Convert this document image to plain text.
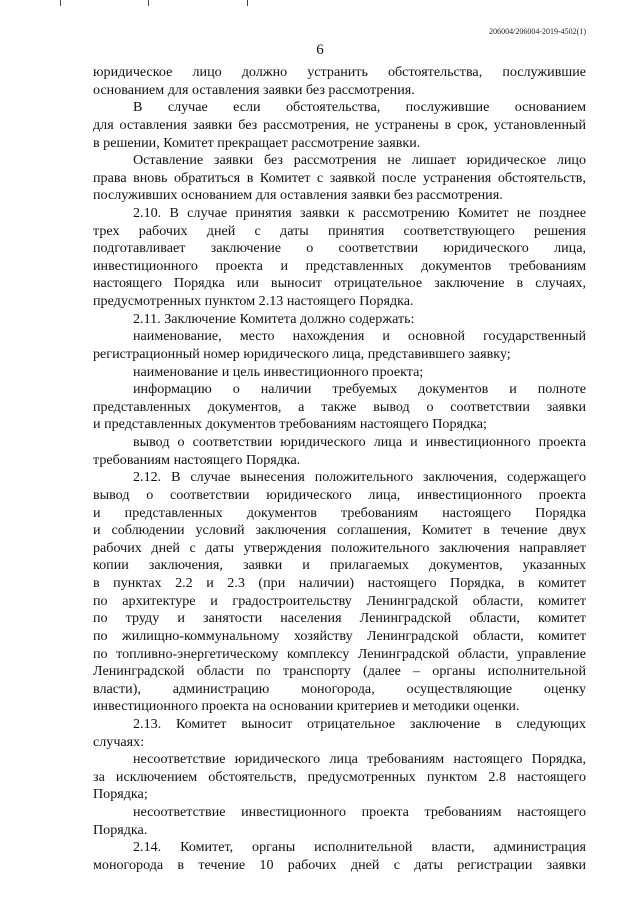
206004/206004-2019-4502(1)
6
юридическое лицо должно устранить обстоятельства, послужившие
основанием для оставления заявки без рассмотрения.
В случае если обстоятельства, послужившие основанием
для оставления заявки без рассмотрения, не устранены в срок, установленный
в решении, Комитет прекращает рассмотрение заявки.
Оставление заявки без рассмотрения не лишает юридическое лицо
права вновь обратиться в Комитет с заявкой после устранения обстоятельств,
послуживших основанием для оставления заявки без рассмотрения.
2.10. В случае принятия заявки к рассмотрению Комитет не позднее
трех рабочих дней с даты принятия соответствующего решения
подготавливает заключение о соответствии юридического лица,
инвестиционного проекта и представленных документов требованиям
настоящего Порядка или выносит отрицательное заключение в случаях,
предусмотренных пунктом 2.13 настоящего Порядка.
2.11. Заключение Комитета должно содержать:
наименование, место нахождения и основной государственный
регистрационный номер юридического лица, представившего заявку;
наименование и цель инвестиционного проекта;
информацию о наличии требуемых документов и полноте
представленных документов, а также вывод о соответствии заявки
и представленных документов требованиям настоящего Порядка;
вывод о соответствии юридического лица и инвестиционного проекта
требованиям настоящего Порядка.
2.12. В случае вынесения положительного заключения, содержащего
вывод о соответствии юридического лица, инвестиционного проекта
и представленных документов требованиям настоящего Порядка
и соблюдении условий заключения соглашения, Комитет в течение двух
рабочих дней с даты утверждения положительного заключения направляет
копии заключения, заявки и прилагаемых документов, указанных
в пунктах 2.2 и 2.3 (при наличии) настоящего Порядка, в комитет
по архитектуре и градостроительству Ленинградской области, комитет
по труду и занятости населения Ленинградской области, комитет
по жилищно-коммунальному хозяйству Ленинградской области, комитет
по топливно-энергетическому комплексу Ленинградской области, управление
Ленинградской области по транспорту (далее – органы исполнительной
власти), администрацию моногорода, осуществляющие оценку
инвестиционного проекта на основании критериев и методики оценки.
2.13. Комитет выносит отрицательное заключение в следующих
случаях:
несоответствие юридического лица требованиям настоящего Порядка,
за исключением обстоятельств, предусмотренных пунктом 2.8 настоящего
Порядка;
несоответствие инвестиционного проекта требованиям настоящего
Порядка.
2.14. Комитет, органы исполнительной власти, администрация
моногорода в течение 10 рабочих дней с даты регистрации заявки
